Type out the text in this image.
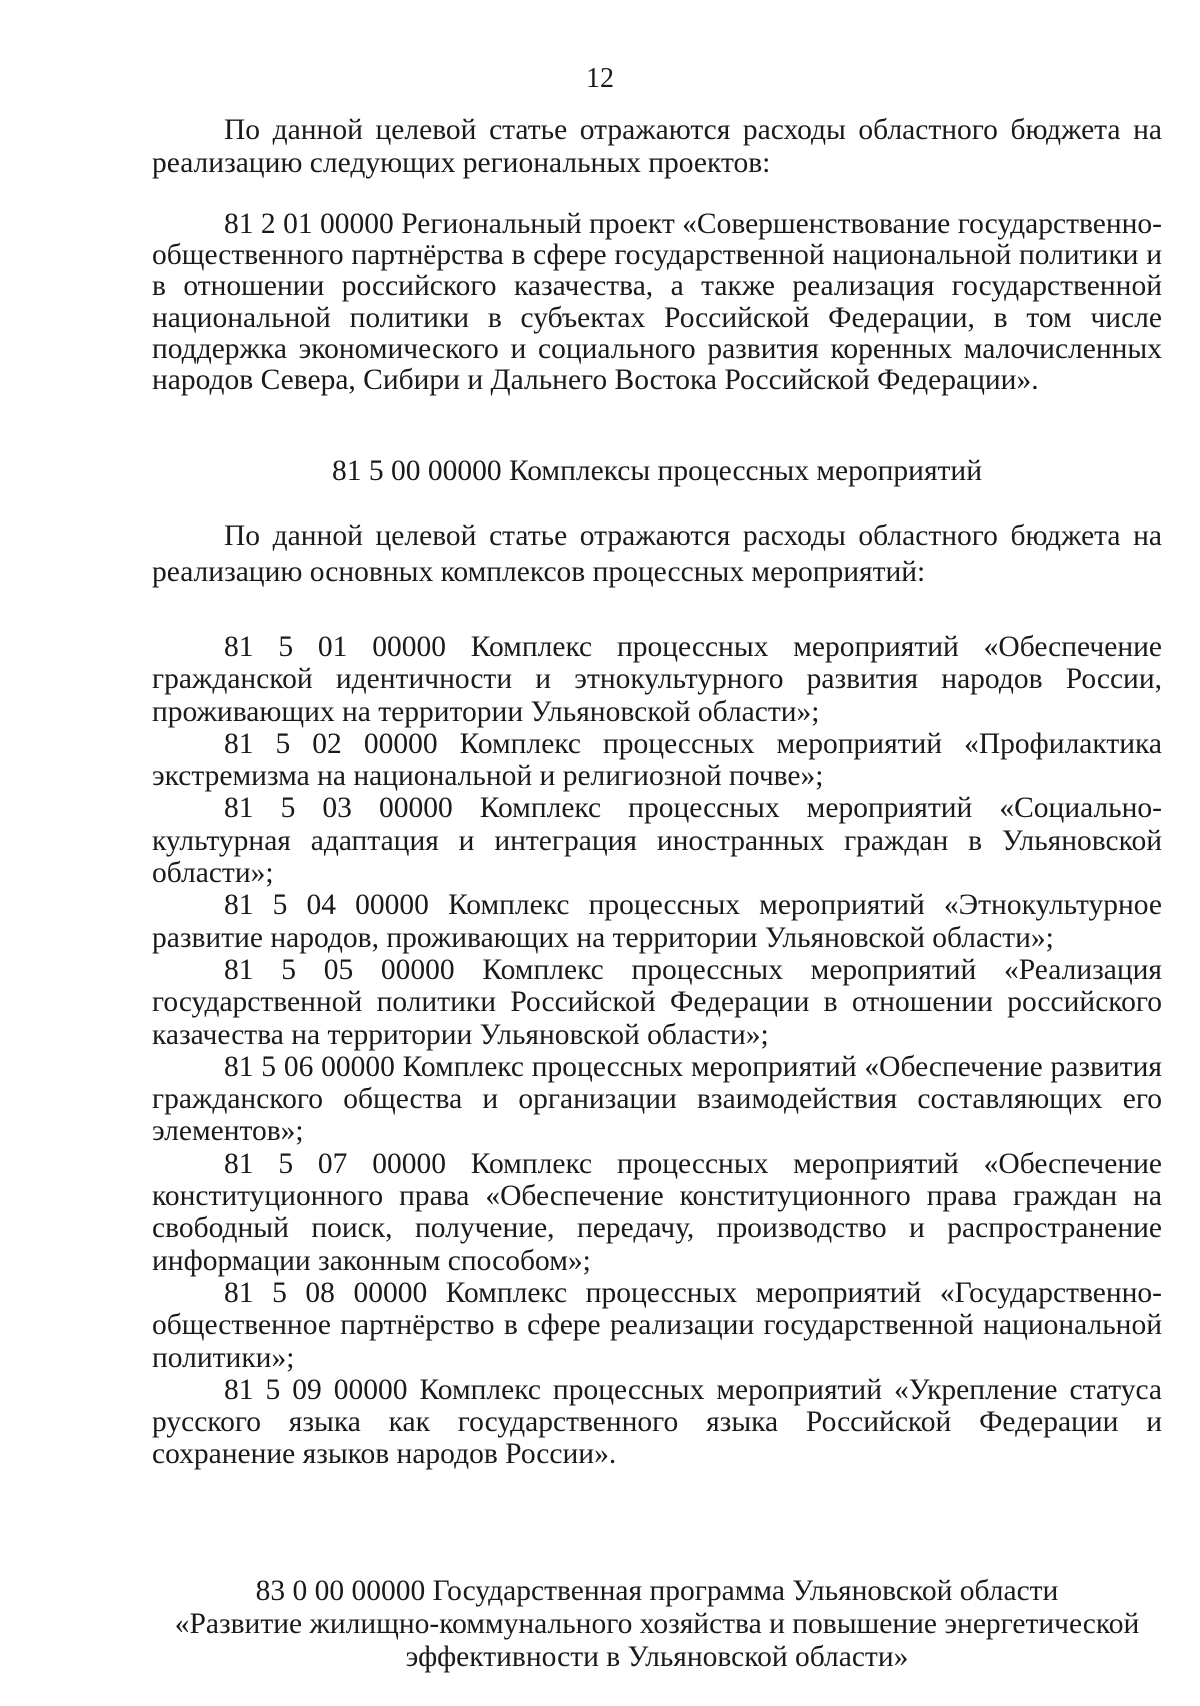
12

По данной целевой статье отражаются расходы областного бюджета на реализацию следующих региональных проектов:

81 2 01 00000 Региональный проект «Совершенствование государственно-общественного партнёрства в сфере государственной национальной политики и в отношении российского казачества, а также реализация государственной национальной политики в субъектах Российской Федерации, в том числе поддержка экономического и социального развития коренных малочисленных народов Севера, Сибири и Дальнего Востока Российской Федерации».

81 5 00 00000 Комплексы процессных мероприятий

По данной целевой статье отражаются расходы областного бюджета на реализацию основных комплексов процессных мероприятий:

81 5 01 00000 Комплекс процессных мероприятий «Обеспечение гражданской идентичности и этнокультурного развития народов России, проживающих на территории Ульяновской области»;
81 5 02 00000 Комплекс процессных мероприятий «Профилактика экстремизма на национальной и религиозной почве»;
81 5 03 00000 Комплекс процессных мероприятий «Социально-культурная адаптация и интеграция иностранных граждан в Ульяновской области»;
81 5 04 00000 Комплекс процессных мероприятий «Этнокультурное развитие народов, проживающих на территории Ульяновской области»;
81 5 05 00000 Комплекс процессных мероприятий «Реализация государственной политики Российской Федерации в отношении российского казачества на территории Ульяновской области»;
81 5 06 00000 Комплекс процессных мероприятий «Обеспечение развития гражданского общества и организации взаимодействия составляющих его элементов»;
81 5 07 00000 Комплекс процессных мероприятий «Обеспечение конституционного права «Обеспечение конституционного права граждан на свободный поиск, получение, передачу, производство и распространение информации законным способом»;
81 5 08 00000 Комплекс процессных мероприятий «Государственно-общественное партнёрство в сфере реализации государственной национальной политики»;
81 5 09 00000 Комплекс процессных мероприятий «Укрепление статуса русского языка как государственного языка Российской Федерации и сохранение языков народов России».
83 0 00 00000 Государственная программа Ульяновской области
«Развитие жилищно-коммунального хозяйства и повышение энергетической
эффективности в Ульяновской области»
